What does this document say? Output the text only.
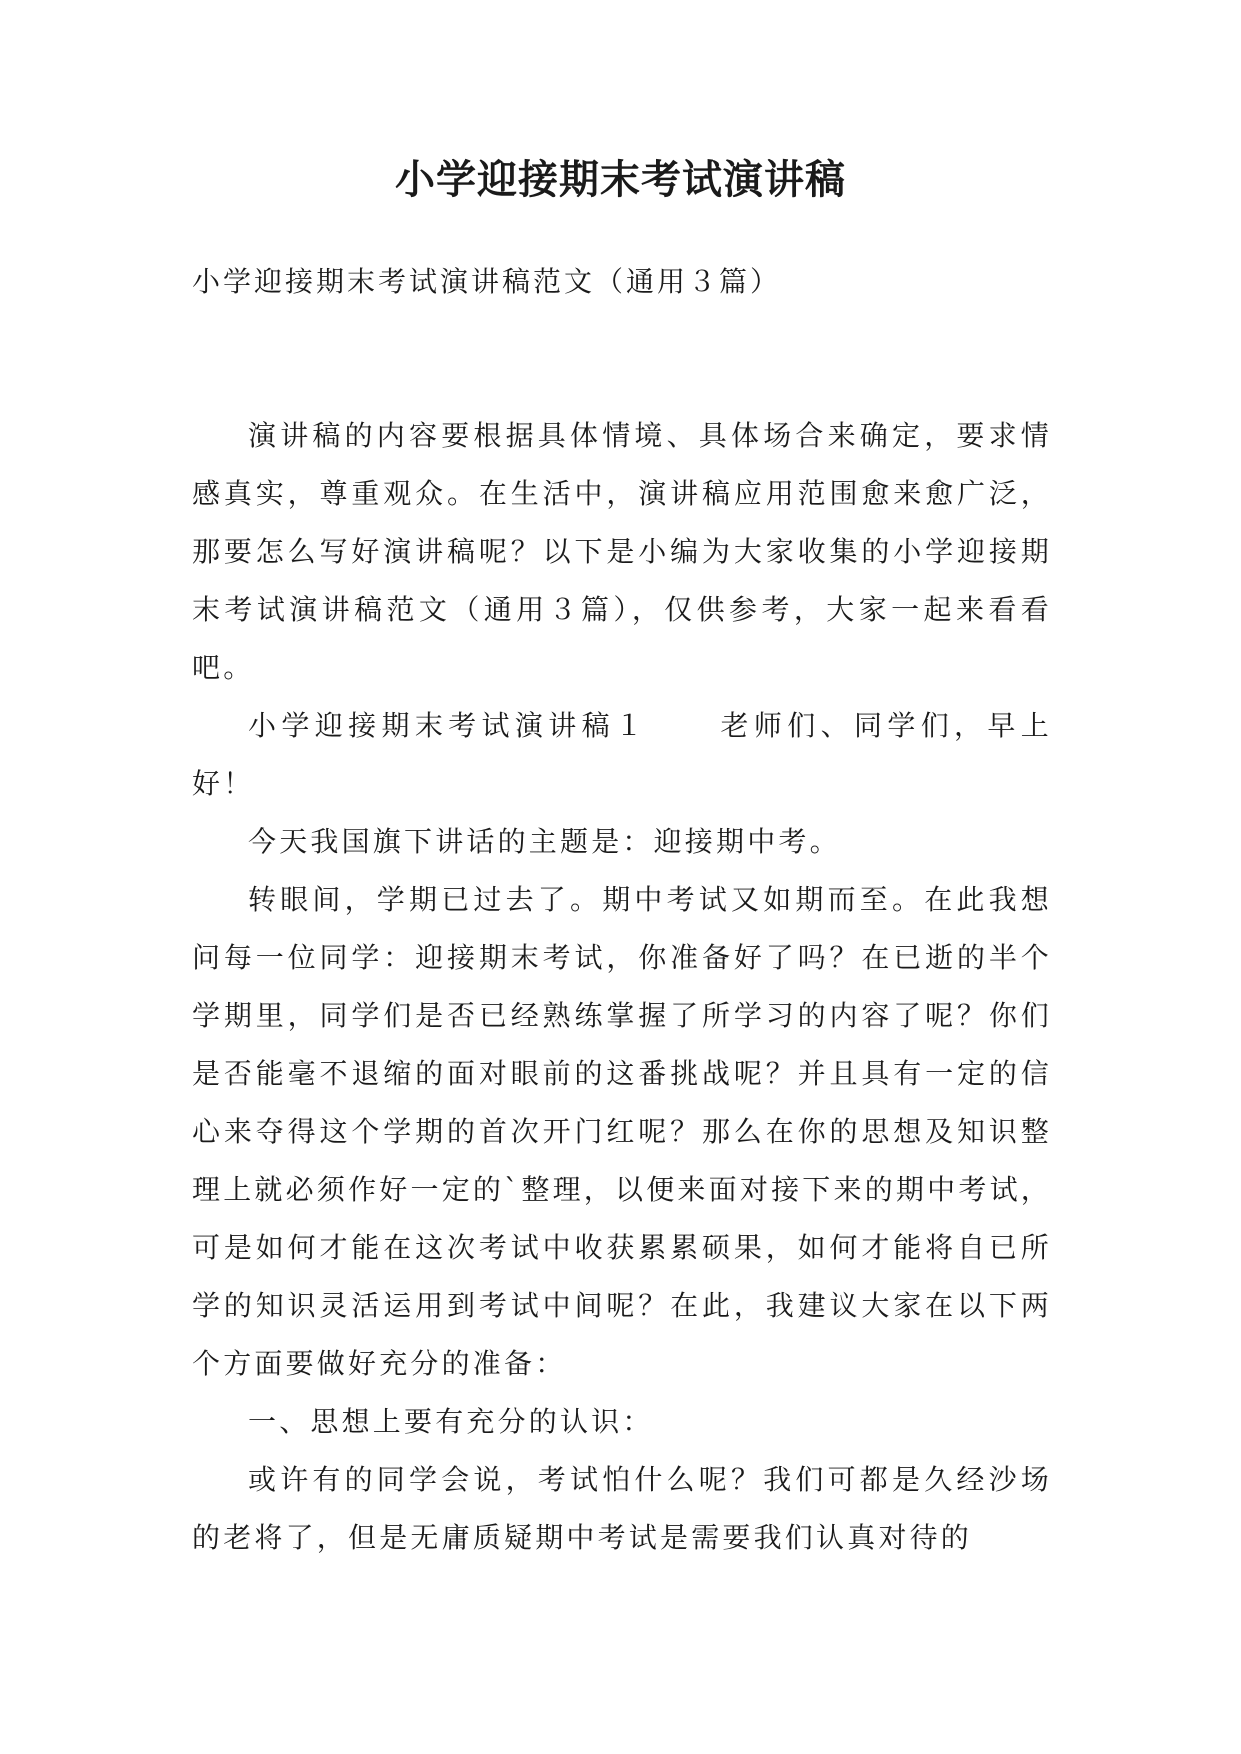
小学迎接期末考试演讲稿

小学迎接期末考试演讲稿范文（通用３篇）

演讲稿的内容要根据具体情境、具体场合来确定，要求情感真实，尊重观众。在生活中，演讲稿应用范围愈来愈广泛，那要怎么写好演讲稿呢？以下是小编为大家收集的小学迎接期末考试演讲稿范文（通用３篇），仅供参考，大家一起来看看吧。

小学迎接期末考试演讲稿１	老师们、同学们，早上好！

今天我国旗下讲话的主题是：迎接期中考。

转眼间，学期已过去了。期中考试又如期而至。在此我想问每一位同学：迎接期末考试，你准备好了吗？在已逝的半个学期里，同学们是否已经熟练掌握了所学习的内容了呢？你们是否能毫不退缩的面对眼前的这番挑战呢？并且具有一定的信心来夺得这个学期的首次开门红呢？那么在你的思想及知识整理上就必须作好一定的`整理，以便来面对接下来的期中考试，可是如何才能在这次考试中收获累累硕果，如何才能将自已所学的知识灵活运用到考试中间呢？在此，我建议大家在以下两个方面要做好充分的准备：

一、思想上要有充分的认识：

或许有的同学会说，考试怕什么呢？我们可都是久经沙场的老将了，但是无庸质疑期中考试是需要我们认真对待的
